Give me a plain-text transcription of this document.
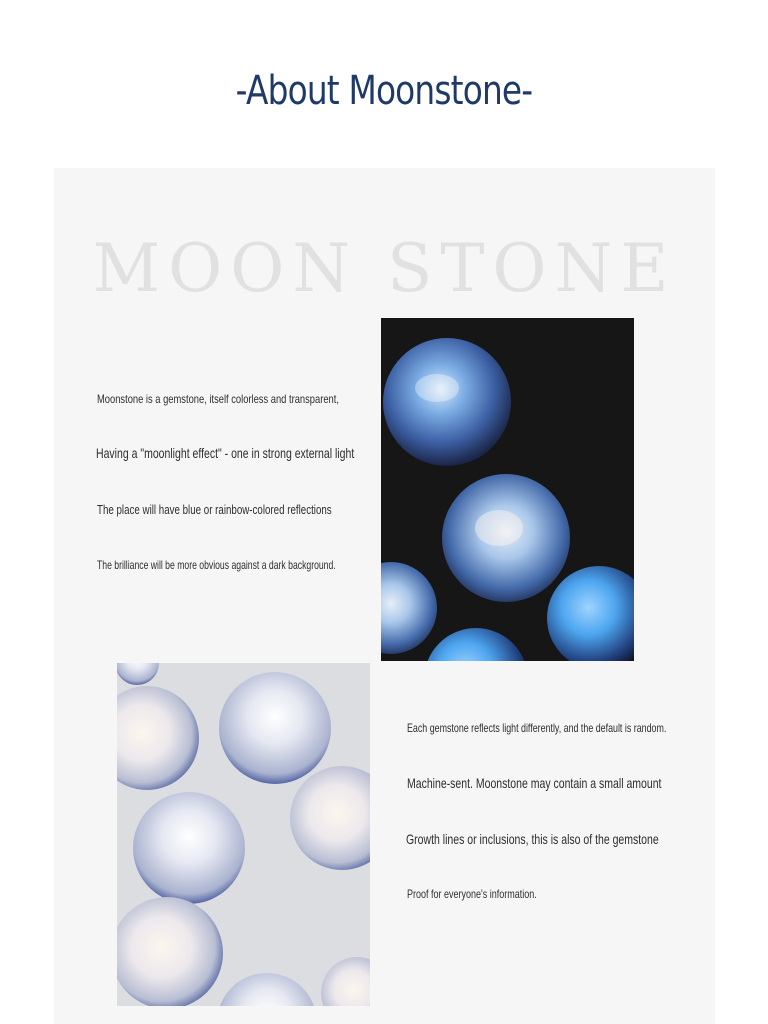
-About Moonstone-
MOON STONE

Moonstone is a gemstone, itself colorless and transparent,

Having a "moonlight effect" - one in strong external light

The place will have blue or rainbow-colored reflections

The brilliance will be more obvious against a dark background.

Each gemstone reflects light differently, and the default is random.

Machine-sent. Moonstone may contain a small amount

Growth lines or inclusions, this is also of the gemstone

Proof for everyone's information.
